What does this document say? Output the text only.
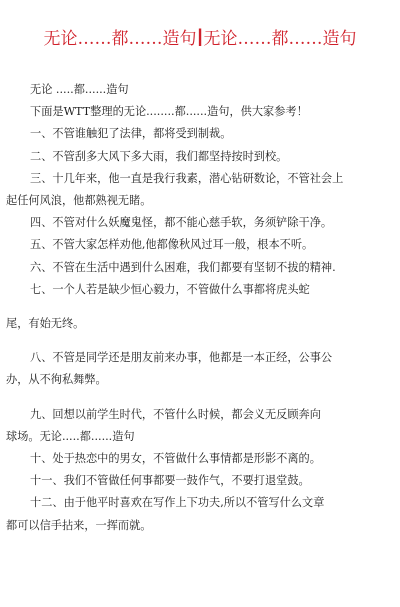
无论……都……造句I无论……都……造句
无论 .....都......造句
下面是WTT整理的无论........都......造句，供大家参考！
一、不管谁触犯了法律，都将受到制裁。
二、不管刮多大风下多大雨，我们都坚持按时到校。
三、十几年来，他一直是我行我素，潜心钻研数论，不管社会上
起任何风浪，他都熟视无睹。
四、不管对什么妖魔鬼怪，都不能心慈手软，务须铲除干净。
五、不管大家怎样劝他,他都像秋风过耳一般，根本不听。
六、不管在生活中遇到什么困难，我们都要有坚韧不拔的精神.
七、一个人若是缺少恒心毅力，不管做什么事都将虎头蛇
尾，有始无终。
八、不管是同学还是朋友前来办事，他都是一本正经，公事公
办，从不徇私舞弊。
九、回想以前学生时代，不管什么时候，都会义无反顾奔向
球场。无论.....都......造句
十、处于热恋中的男女，不管做什么事情都是形影不离的。
十一、我们不管做任何事都要一鼓作气，不要打退堂鼓。
十二、由于他平时喜欢在写作上下功夫,所以不管写什么文章
都可以信手拈来，一挥而就。
